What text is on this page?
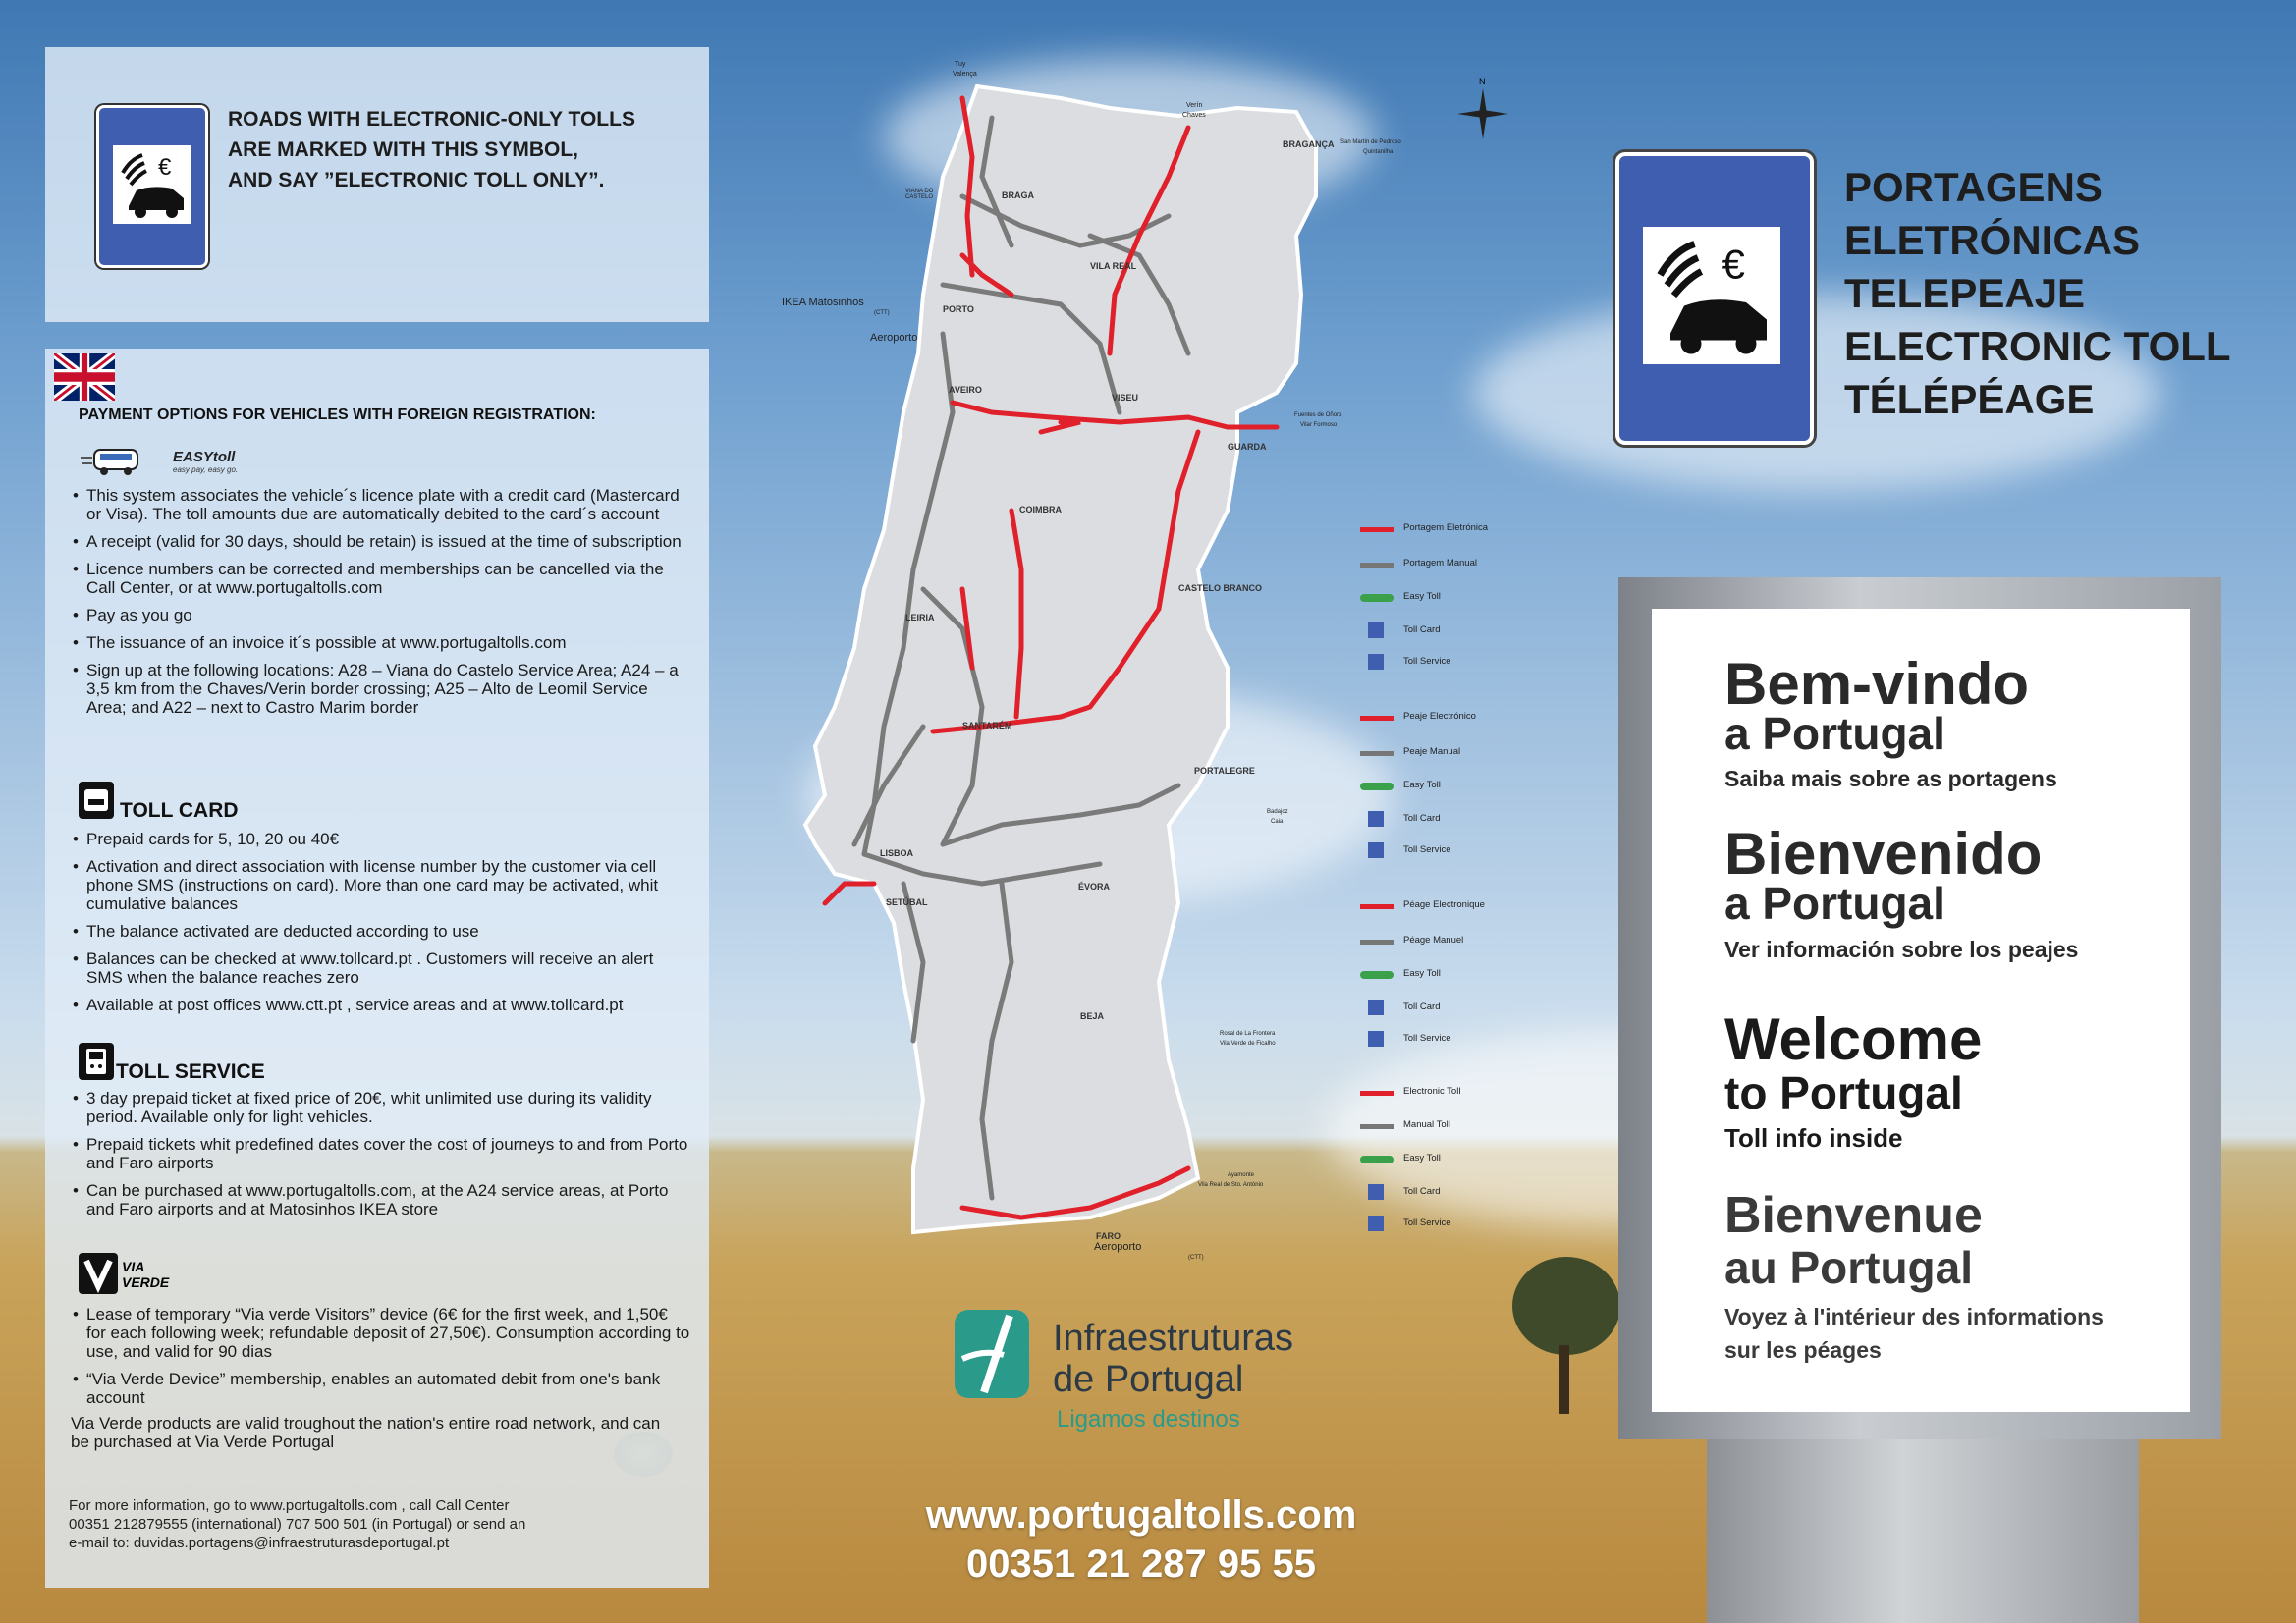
€
ROADS WITH ELECTRONIC-ONLY TOLLS
ARE MARKED WITH THIS SYMBOL,
AND SAY ”ELECTRONIC TOLL ONLY”.
PAYMENT OPTIONS FOR VEHICLES WITH FOREIGN REGISTRATION:
EASYtoll
easy pay, easy go.
• This system associates the vehicle´s licence plate with a credit card (Mastercard or Visa). The toll amounts due are automatically debited to the card´s account
• A receipt (valid for 30 days, should be retain) is issued at the time of subscription
• Licence numbers can be corrected and memberships can be cancelled via the Call Center, or at www.portugaltolls.com
• Pay as you go
• The issuance of an invoice it´s possible at www.portugaltolls.com
• Sign up at the following locations: A28 – Viana do Castelo Service Area; A24 – a 3,5 km from the Chaves/Verin border crossing; A25 – Alto de Leomil Service Area; and A22 – next to Castro Marim border
TOLL CARD
• Prepaid cards for 5, 10, 20 ou 40€
• Activation and direct association with license number by the customer via cell phone SMS (instructions on card). More than one card may be activated, whit cumulative balances
• The balance activated are deducted according to use
• Balances can be checked at www.tollcard.pt . Customers will receive an alert SMS when the balance reaches zero
• Available at post offices www.ctt.pt , service areas and at www.tollcard.pt
TOLL SERVICE
• 3 day prepaid ticket at fixed price of 20€, whit unlimited use during its validity period. Available only for light vehicles.
• Prepaid tickets whit predefined dates cover the cost of journeys to and from Porto and Faro airports
• Can be purchased at www.portugaltolls.com, at the A24 service areas, at Porto and Faro airports and at Matosinhos IKEA store
VIA
VERDE
• Lease of temporary “Via verde Visitors” device (6€ for the first week, and 1,50€ for each following week; refundable deposit of 27,50€). Consumption according to use, and valid for 90 dias
• “Via Verde Device” membership, enables an automated debit from one's bank account
Via Verde products are valid troughout the nation's entire road network, and can be purchased at Via Verde Portugal
For more information, go to www.portugaltolls.com , call Call Center
00351 212879555 (international) 707 500 501 (in Portugal) or send an
e-mail to: duvidas.portagens@infraestruturasdeportugal.pt
BRAGA
VILA REAL
BRAGANÇA
PORTO
AVEIRO
VISEU
GUARDA
COIMBRA
CASTELO BRANCO
LEIRIA
SANTARÉM
PORTALEGRE
LISBOA
SETÚBAL
ÉVORA
BEJA
FARO
Tuy
Valença
Verín
Chaves
San Martín de Pedroso
Quintanilha
VIANA DO CASTELO
IKEA Matosinhos
(CTT)
Aeroporto
Fuentes de Oñoro
Vilar Formoso
Badajoz
Caia
Rosal de La Frontera
Vila Verde de Ficalho
Ayamonte
Vila Real de Sto. António
Aeroporto
(CTT)
N
Portagem Eletrónica
Portagem Manual
Easy Toll
Toll Card
Toll Service
Peaje Electrónico
Peaje Manual
Easy Toll
Toll Card
Toll Service
Péage Electronique
Péage Manuel
Easy Toll
Toll Card
Toll Service
Electronic Toll
Manual Toll
Easy Toll
Toll Card
Toll Service
€
PORTAGENS
ELETRÓNICAS
TELEPEAJE
ELECTRONIC TOLL
TÉLÉPÉAGE
Bem-vindo
a Portugal
Saiba mais sobre as portagens
Bienvenido
a Portugal
Ver información sobre los peajes
Welcome
to Portugal
Toll info inside
Bienvenue
au Portugal
Voyez à l'intérieur des informations
sur les péages
Infraestruturas
de Portugal
Ligamos destinos
www.portugaltolls.com
00351 21 287 95 55
